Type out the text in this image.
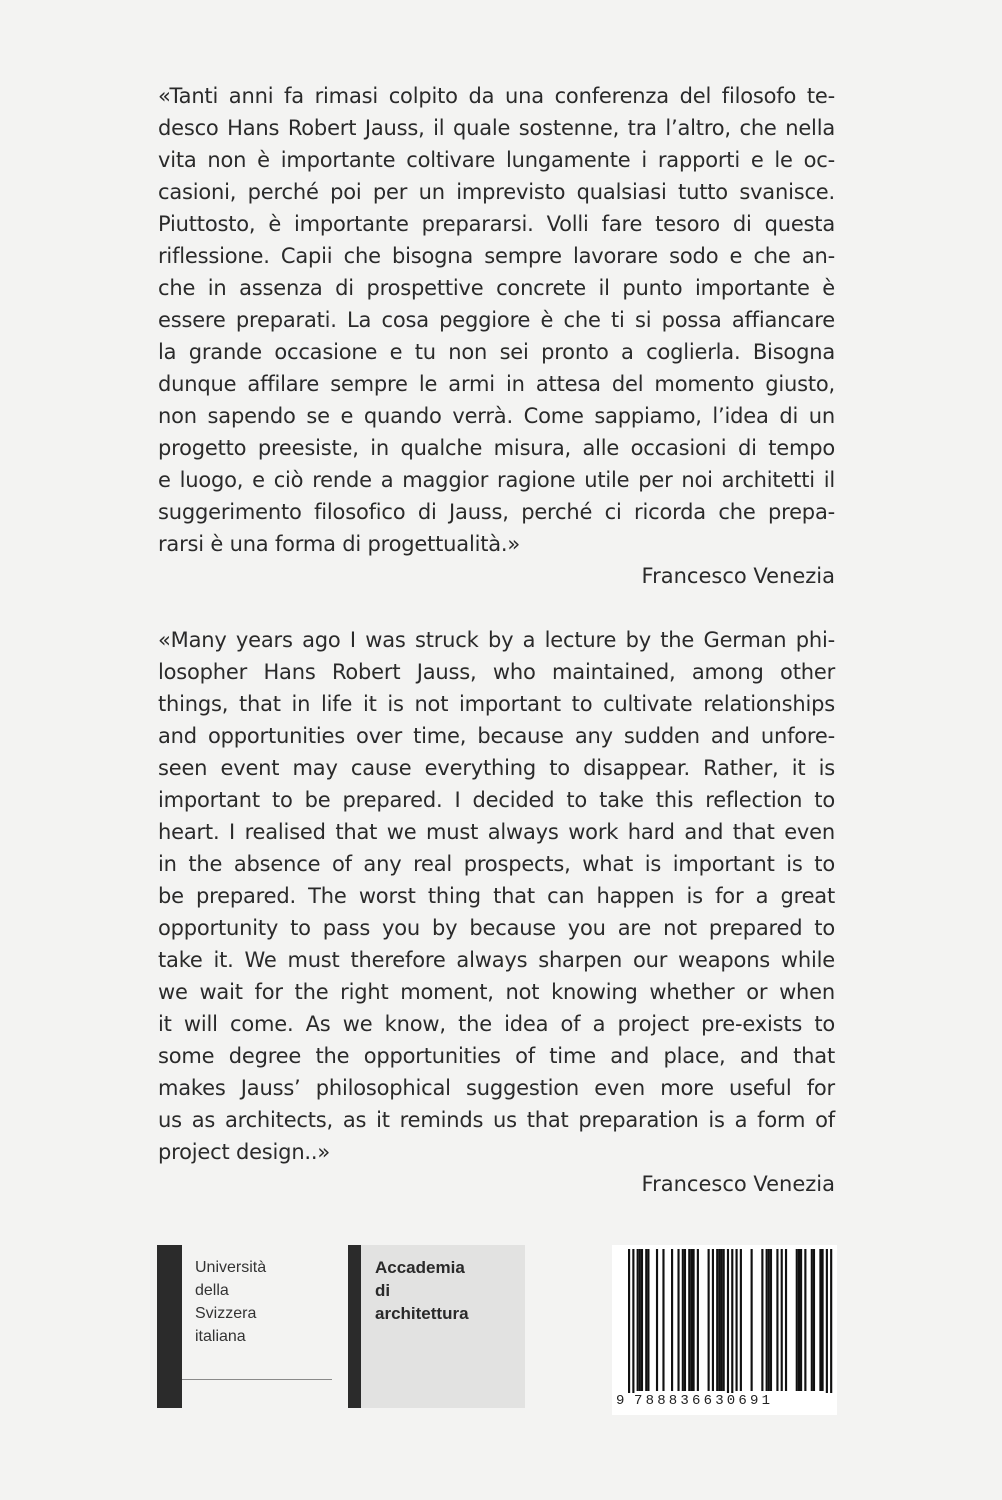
«Tanti anni fa rimasi colpito da una conferenza del filosofo te-
desco Hans Robert Jauss, il quale sostenne, tra l’altro, che nella
vita non è importante coltivare lungamente i rapporti e le oc-
casioni, perché poi per un imprevisto qualsiasi tutto svanisce.
Piuttosto, è importante prepararsi. Volli fare tesoro di questa
riflessione. Capii che bisogna sempre lavorare sodo e che an-
che in assenza di prospettive concrete il punto importante è
essere preparati. La cosa peggiore è che ti si possa affiancare
la grande occasione e tu non sei pronto a coglierla. Bisogna
dunque affilare sempre le armi in attesa del momento giusto,
non sapendo se e quando verrà. Come sappiamo, l’idea di un
progetto preesiste, in qualche misura, alle occasioni di tempo
e luogo, e ciò rende a maggior ragione utile per noi architetti il
suggerimento filosofico di Jauss, perché ci ricorda che prepa-
rarsi è una forma di progettualità.»
Francesco Venezia
«Many years ago I was struck by a lecture by the German phi-
losopher Hans Robert Jauss, who maintained, among other
things, that in life it is not important to cultivate relationships
and opportunities over time, because any sudden and unfore-
seen event may cause everything to disappear. Rather, it is
important to be prepared. I decided to take this reflection to
heart. I realised that we must always work hard and that even
in the absence of any real prospects, what is important is to
be prepared. The worst thing that can happen is for a great
opportunity to pass you by because you are not prepared to
take it. We must therefore always sharpen our weapons while
we wait for the right moment, not knowing whether or when
it will come. As we know, the idea of a project pre-exists to
some degree the opportunities of time and place, and that
makes Jauss’ philosophical suggestion even more useful for
us as architects, as it reminds us that preparation is a form of
project design..»
Francesco Venezia
Università
della
Svizzera
italiana
Accademia
di
architettura
9 788836630691
